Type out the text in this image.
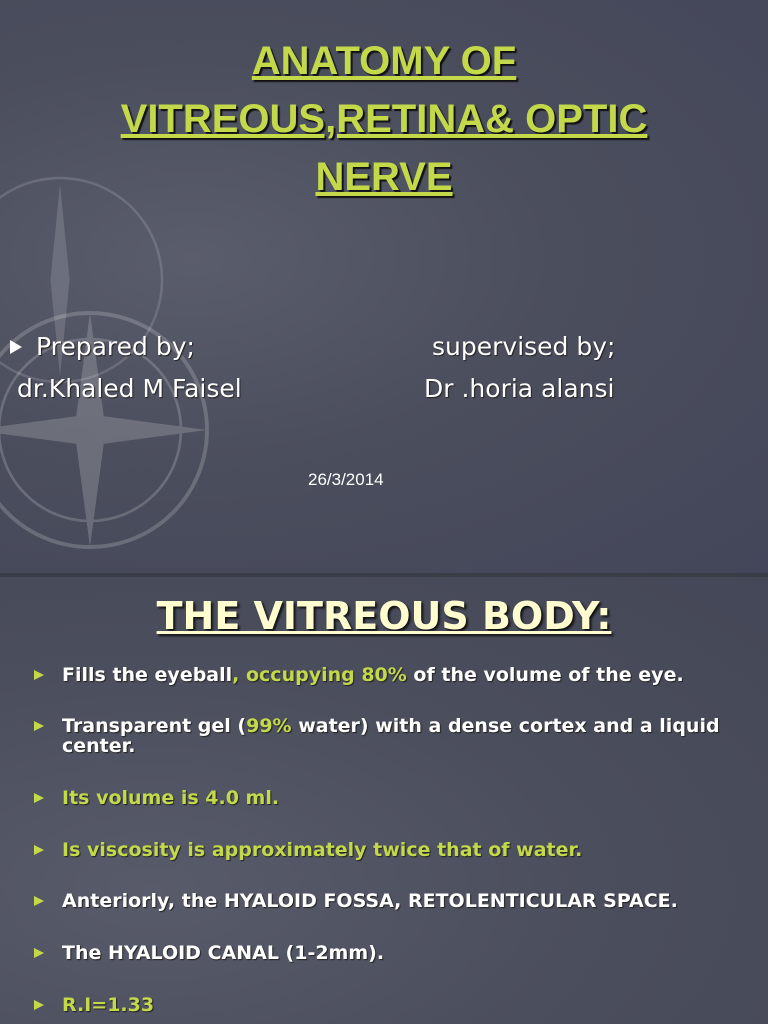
ANATOMY OF
VITREOUS,RETINA& OPTIC
NERVE
Prepared by;	supervised by;
dr.Khaled M Faisel	Dr .horia alansi
26/3/2014
THE VITREOUS BODY:
Fills the eyeball, occupying 80% of the volume of the eye.
Transparent gel (99% water) with a dense cortex and a liquid center.
Its volume is 4.0 ml.
Is viscosity is approximately twice that of water.
Anteriorly, the HYALOID FOSSA, RETOLENTICULAR SPACE.
The HYALOID CANAL (1-2mm).
R.I=1.33
